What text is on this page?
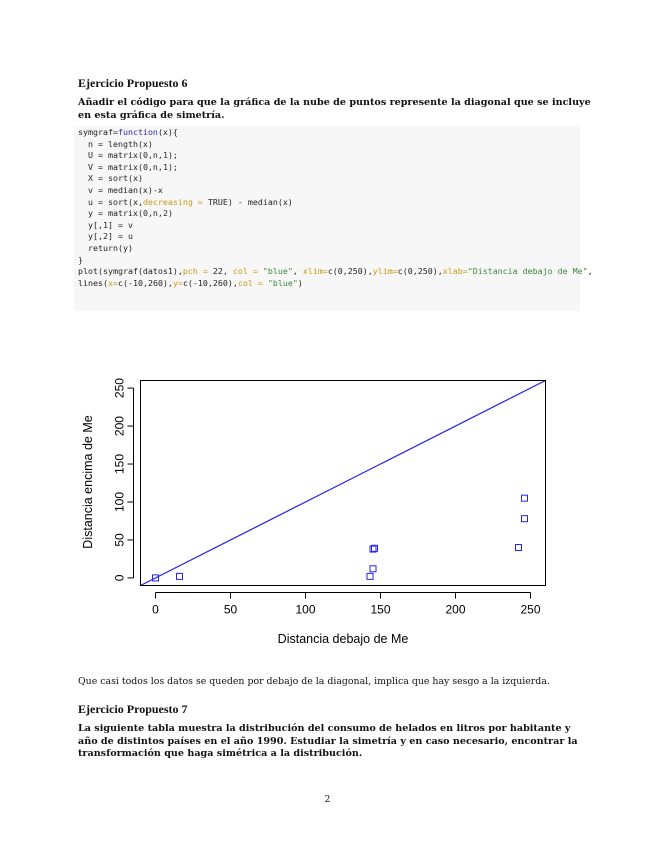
Ejercicio Propuesto 6
Añadir el código para que la gráfica de la nube de puntos represente la diagonal que se incluye
en esta gráfica de simetría.
symgraf=function(x){
n = length(x)
U = matrix(0,n,1);
V = matrix(0,n,1);
X = sort(x)
v = median(x)-x
u = sort(x,decreasing = TRUE) - median(x)
y = matrix(0,n,2)
y[,1] = v
y[,2] = u
return(y)
}
plot(symgraf(datos1),pch = 22, col = "blue", xlim=c(0,250),ylim=c(0,250),xlab="Distancia debajo de Me",
lines(x=c(-10,260),y=c(-10,260),col = "blue")
0	50	100	150	200	250
0
50
100
150
200
250
Distancia debajo de Me
Distancia encima de Me
Que casi todos los datos se queden por debajo de la diagonal, implica que hay sesgo a la izquierda.
Ejercicio Propuesto 7
La siguiente tabla muestra la distribución del consumo de helados en litros por habitante y
año de distintos países en el año 1990. Estudiar la simetría y en caso necesario, encontrar la
transformación que haga simétrica a la distribución.
2
